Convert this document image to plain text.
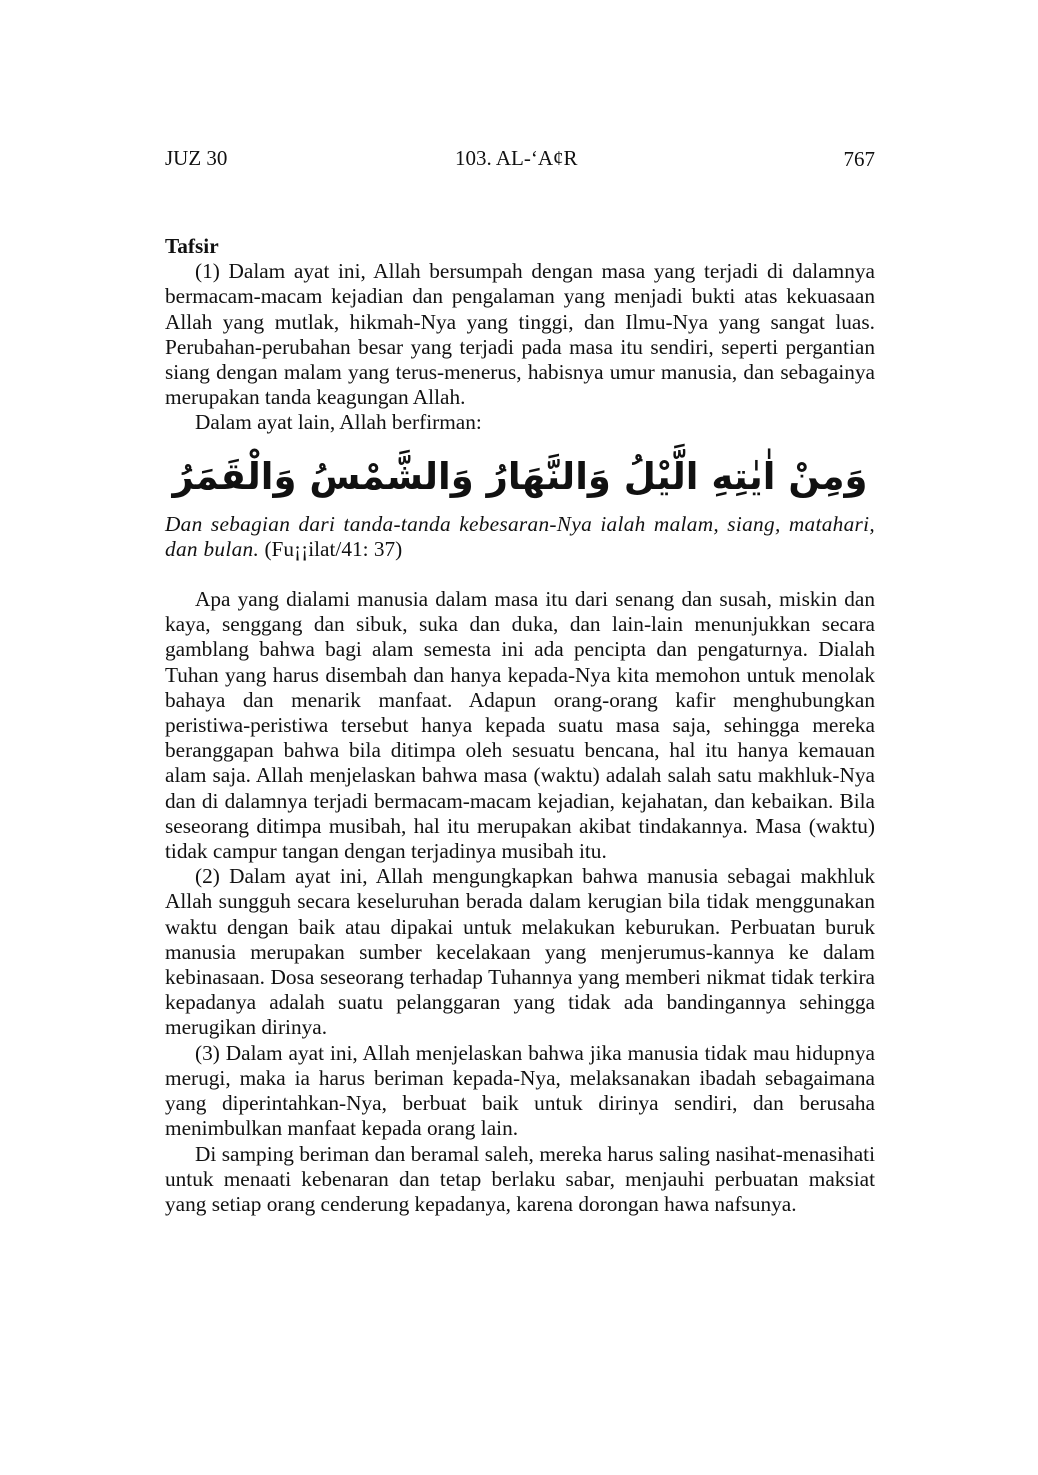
JUZ 30	103. AL-‘A¢R	767

Tafsir

(1) Dalam ayat ini, Allah bersumpah dengan masa yang terjadi di dalamnya bermacam-macam kejadian dan pengalaman yang menjadi bukti atas kekuasaan Allah yang mutlak, hikmah-Nya yang tinggi, dan Ilmu-Nya yang sangat luas. Perubahan-perubahan besar yang terjadi pada masa itu sendiri, seperti pergantian siang dengan malam yang terus-menerus, habisnya umur manusia, dan sebagainya merupakan tanda keagungan Allah.

Dalam ayat lain, Allah berfirman:

وَمِنْ اٰيٰتِهِ الَّيْلُ وَالنَّهَارُ وَالشَّمْسُ وَالْقَمَرُ

Dan sebagian dari tanda-tanda kebesaran-Nya ialah malam, siang, matahari, dan bulan. (Fu¡¡ilat/41: 37)

Apa yang dialami manusia dalam masa itu dari senang dan susah, miskin dan kaya, senggang dan sibuk, suka dan duka, dan lain-lain menunjukkan secara gamblang bahwa bagi alam semesta ini ada pencipta dan pengaturnya. Dialah Tuhan yang harus disembah dan hanya kepada-Nya kita memohon untuk menolak bahaya dan menarik manfaat. Adapun orang-orang kafir menghubungkan peristiwa-peristiwa tersebut hanya kepada suatu masa saja, sehingga mereka beranggapan bahwa bila ditimpa oleh sesuatu bencana, hal itu hanya kemauan alam saja. Allah menjelaskan bahwa masa (waktu) adalah salah satu makhluk-Nya dan di dalamnya terjadi bermacam-macam kejadian, kejahatan, dan kebaikan. Bila seseorang ditimpa musibah, hal itu merupakan akibat tindakannya. Masa (waktu) tidak campur tangan dengan terjadinya musibah itu.

(2) Dalam ayat ini, Allah mengungkapkan bahwa manusia sebagai makhluk Allah sungguh secara keseluruhan berada dalam kerugian bila tidak menggunakan waktu dengan baik atau dipakai untuk melakukan keburukan. Perbuatan buruk manusia merupakan sumber kecelakaan yang menjerumus-kannya ke dalam kebinasaan. Dosa seseorang terhadap Tuhannya yang memberi nikmat tidak terkira kepadanya adalah suatu pelanggaran yang tidak ada bandingannya sehingga merugikan dirinya.

(3) Dalam ayat ini, Allah menjelaskan bahwa jika manusia tidak mau hidupnya merugi, maka ia harus beriman kepada-Nya, melaksanakan ibadah sebagaimana yang diperintahkan-Nya, berbuat baik untuk dirinya sendiri, dan berusaha menimbulkan manfaat kepada orang lain.

Di samping beriman dan beramal saleh, mereka harus saling nasihat-menasihati untuk menaati kebenaran dan tetap berlaku sabar, menjauhi perbuatan maksiat yang setiap orang cenderung kepadanya, karena dorongan hawa nafsunya.
